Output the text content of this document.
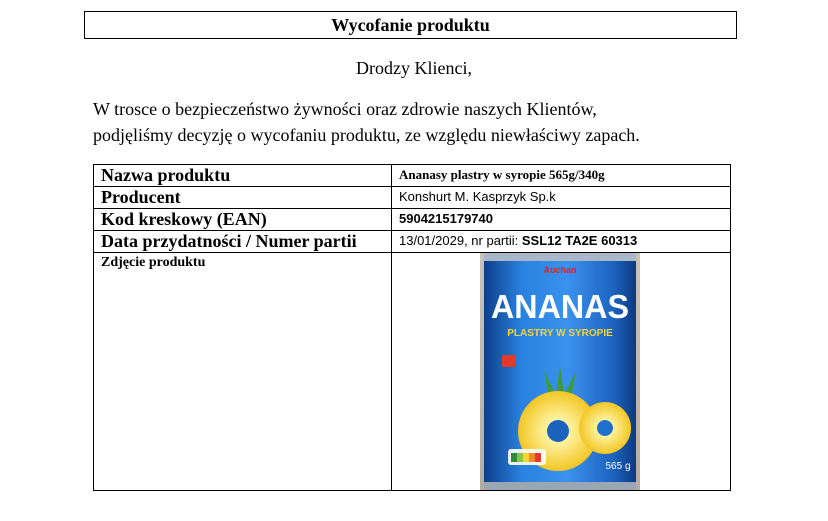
Wycofanie produktu
Drodzy Klienci,
W trosce o bezpieczeństwo żywności oraz zdrowie naszych Klientów,
podjęliśmy decyzję o wycofaniu produktu, ze względu niewłaściwy zapach.
Nazwa produktu	Ananasy plastry w syropie 565g/340g
Producent	Konshurt M. Kasprzyk Sp.k
Kod kreskowy (EAN)	5904215179740
Data przydatności / Numer partii	13/01/2029, nr partii: SSL12 TA2E 60313
Zdjęcie produktu	Auchan
ANANAS
PLASTRY W SYROPIE
565 g
